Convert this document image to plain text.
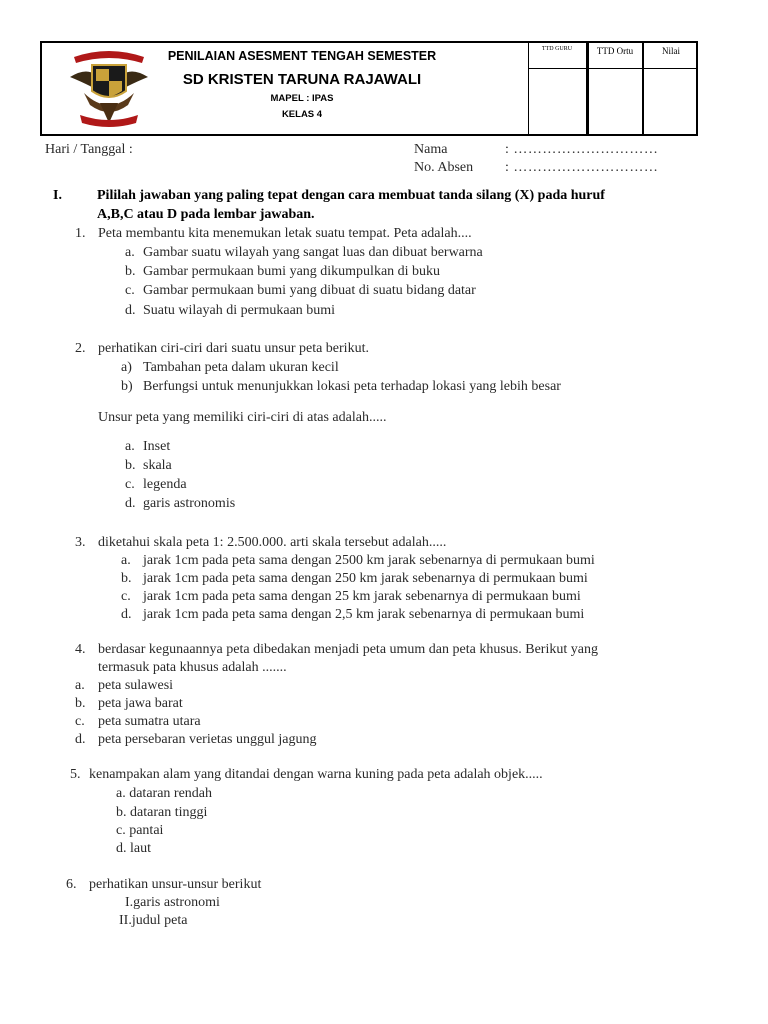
PENILAIAN ASESMENT TENGAH SEMESTER
SD KRISTEN TARUNA RAJAWALI
MAPEL : IPAS
KELAS 4
TTD GURU	TTD Ortu	Nilai
Hari / Tanggal :	Nama	: …………………………
No. Absen : …………………………
I.	Pililah jawaban yang paling tepat dengan cara membuat tanda silang (X) pada huruf
A,B,C atau D pada lembar jawaban.
1. Peta membantu kita menemukan letak suatu tempat. Peta adalah....
a. Gambar suatu wilayah yang sangat luas dan dibuat berwarna
b. Gambar permukaan bumi yang dikumpulkan di buku
c. Gambar permukaan bumi yang dibuat di suatu bidang datar
d. Suatu wilayah di permukaan bumi
2. perhatikan ciri-ciri dari suatu unsur peta berikut.
a) Tambahan peta dalam ukuran kecil
b) Berfungsi untuk menunjukkan lokasi peta terhadap lokasi yang lebih besar
Unsur peta yang memiliki ciri-ciri di atas adalah.....
a. Inset
b. skala
c. legenda
d. garis astronomis
3. diketahui skala peta 1: 2.500.000. arti skala tersebut adalah.....
a. jarak 1cm pada peta sama dengan 2500 km jarak sebenarnya di permukaan bumi
b. jarak 1cm pada peta sama dengan 250 km jarak sebenarnya di permukaan bumi
c. jarak 1cm pada peta sama dengan 25 km jarak sebenarnya di permukaan bumi
d. jarak 1cm pada peta sama dengan 2,5 km jarak sebenarnya di permukaan bumi
4. berdasar kegunaannya peta dibedakan menjadi peta umum dan peta khusus. Berikut yang
termasuk pata khusus adalah .......
a. peta sulawesi
b. peta jawa barat
c. peta sumatra utara
d. peta persebaran verietas unggul jagung
5. kenampakan alam yang ditandai dengan warna kuning pada peta adalah objek.....
a. dataran rendah
b. dataran tinggi
c. pantai
d. laut
6. perhatikan unsur-unsur berikut
I.garis astronomi
II.judul peta
